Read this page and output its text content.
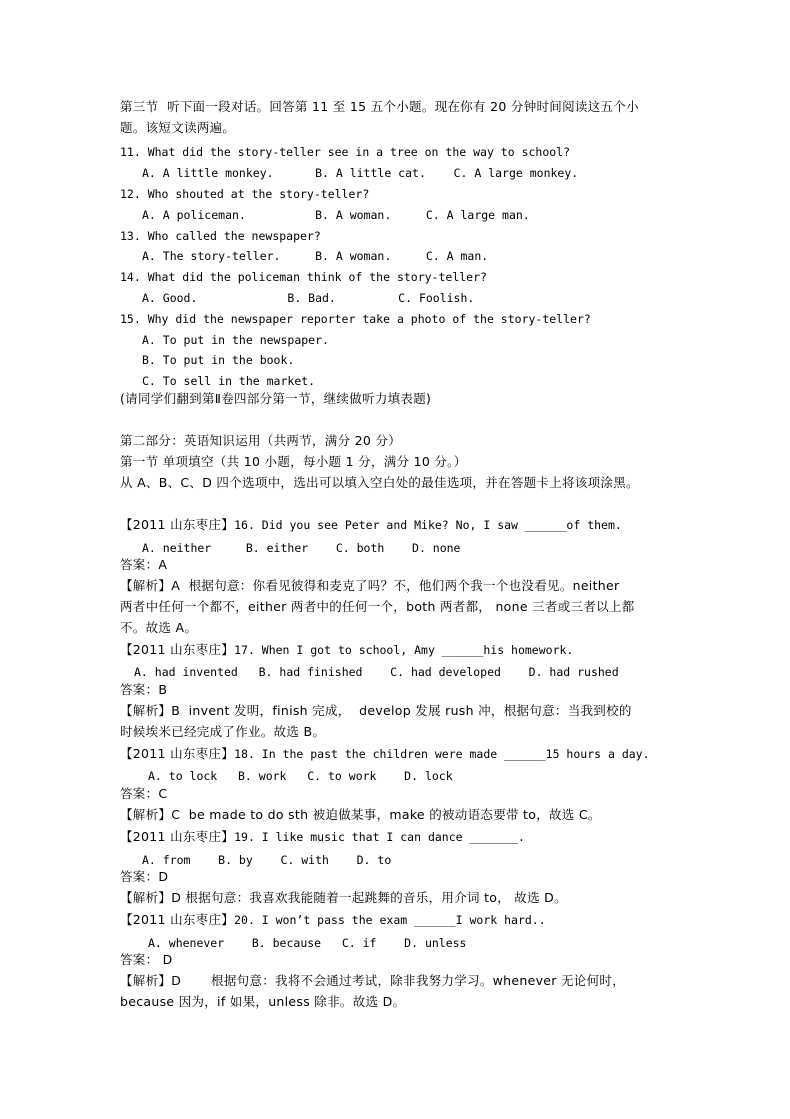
第三节  听下面一段对话。回答第 11 至 15 五个小题。现在你有 20 分钟时间阅读这五个小
题。该短文读两遍。
11. What did the story-teller see in a tree on the way to school?
A. A little monkey.      B. A little cat.    C. A large monkey.
12. Who shouted at the story-teller?
A. A policeman.          B. A woman.     C. A large man.
13. Who called the newspaper?
A. The story-teller.     B. A woman.     C. A man.
14. What did the policeman think of the story-teller?
A. Good.             B. Bad.         C. Foolish.
15. Why did the newspaper reporter take a photo of the story-teller?
A. To put in the newspaper.
B. To put in the book.
C. To sell in the market.
(请同学们翻到第Ⅱ卷四部分第一节，继续做听力填表题)
第二部分：英语知识运用（共两节，满分 20 分）
第一节 单项填空（共 10 小题，每小题 1 分，满分 10 分。）
从 A、B、C、D 四个选项中，选出可以填入空白处的最佳选项，并在答题卡上将该项涂黑。
【2011 山东枣庄】16. Did you see Peter and Mike? No, I saw ______of them.
A. neither     B. either    C. both    D. none
答案：A
【解析】A  根据句意：你看见彼得和麦克了吗？不，他们两个我一个也没看见。neither
两者中任何一个都不，either 两者中的任何一个，both 两者都， none 三者或三者以上都
不。故选 A。
【2011 山东枣庄】17. When I got to school, Amy ______his homework.
A. had invented   B. had finished    C. had developed    D. had rushed
答案：B
【解析】B  invent 发明，finish 完成，  develop 发展 rush 冲，根据句意：当我到校的
时候埃米已经完成了作业。故选 B。
【2011 山东枣庄】18. In the past the children were made ______15 hours a day.
A. to lock   B. work   C. to work    D. lock
答案：C
【解析】C  be made to do sth 被迫做某事，make 的被动语态要带 to，故选 C。
【2011 山东枣庄】19. I like music that I can dance _______.
A. from    B. by    C. with    D. to
答案：D
【解析】D 根据句意：我喜欢我能随着一起跳舞的音乐，用介词 to， 故选 D。
【2011 山东枣庄】20. I won’t pass the exam ______I work hard..
A. whenever    B. because   C. if    D. unless
答案： D
【解析】D       根据句意：我将不会通过考试，除非我努力学习。whenever 无论何时，
because 因为，if 如果，unless 除非。故选 D。
